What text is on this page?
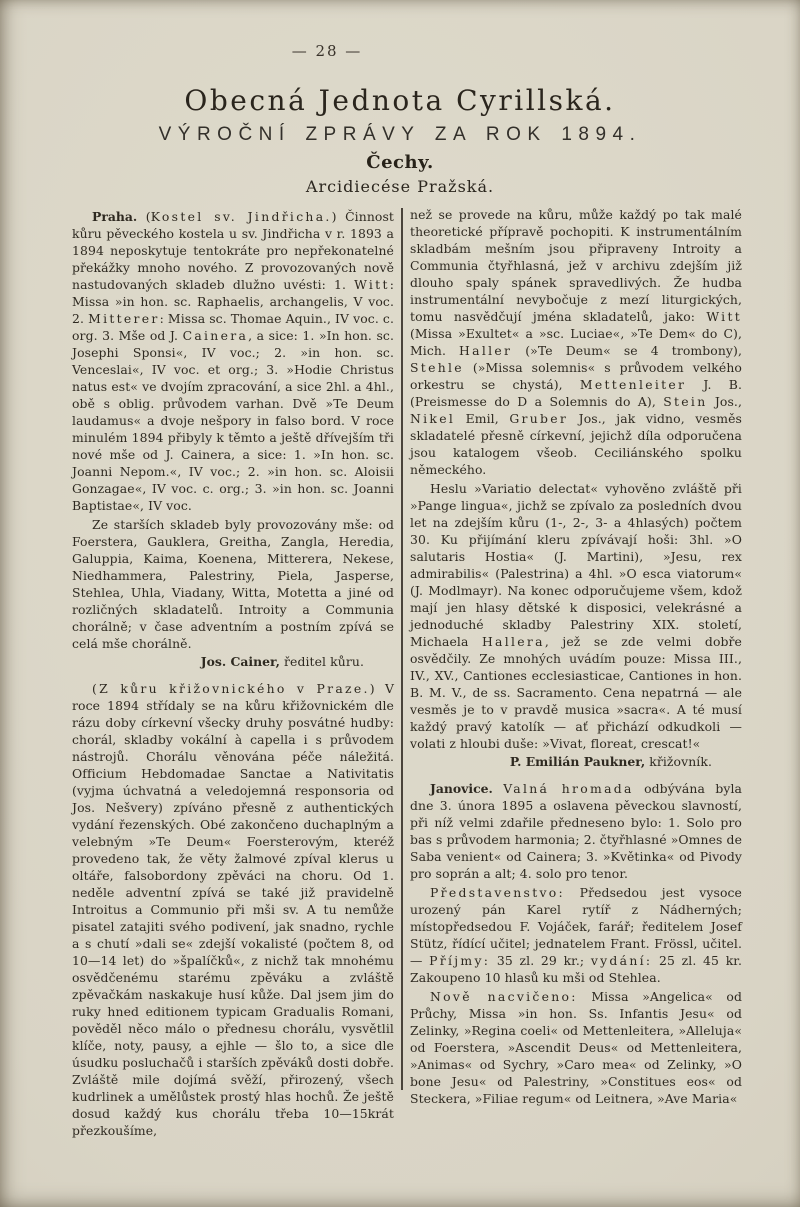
— 28 —
Obecná Jednota Cyrillská.
VÝROČNÍ ZPRÁVY ZA ROK 1894.
Čechy.
Arcidiecése Pražská.

Praha. (Kostel sv. Jindřicha.) Činnost kůru pěveckého kostela u sv. Jindřicha v r. 1893 a 1894 neposkytuje tentokráte pro nepřekonatelné překážky mnoho nového. Z provozovaných nově nastudovaných skladeb dlužno uvésti: 1. Witt: Missa »in hon. sc. Raphaelis, archangelis, V voc. 2. Mitterer: Missa sc. Thomae Aquin., IV voc. c. org. 3. Mše od J. Cainera, a sice: 1. »In hon. sc. Josephi Sponsi«, IV voc.; 2. »in hon. sc. Venceslai«, IV voc. et org.; 3. »Hodie Christus natus est« ve dvojím zpracování, a sice 2hl. a 4hl., obě s oblig. průvodem varhan. Dvě »Te Deum laudamus« a dvoje nešpory in falso bord. V roce minulém 1894 přibyly k těmto a ještě dřívejším tři nové mše od J. Cainera, a sice: 1. »In hon. sc. Joanni Nepom.«, IV voc.; 2. »in hon. sc. Aloisii Gonzagae«, IV voc. c. org.; 3. »in hon. sc. Joanni Baptistae«, IV voc.

Ze starších skladeb byly provozovány mše: od Foerstera, Gauklera, Greitha, Zangla, Heredia, Galuppia, Kaima, Koenena, Mitterera, Nekese, Niedhammera, Palestriny, Piela, Jasperse, Stehlea, Uhla, Viadany, Witta, Motetta a jiné od rozličných skladatelů. Introity a Communia chorálně; v čase adventním a postním zpívá se celá mše chorálně.

Jos. Cainer, ředitel kůru.

(Z kůru křižovnického v Praze.) V roce 1894 střídaly se na kůru křižovnickém dle rázu doby církevní všecky druhy posvátné hudby: chorál, skladby vokální à capella i s průvodem nástrojů. Chorálu věnována péče náležitá. Officium Hebdomadae Sanctae a Nativitatis (vyjma úchvatná a veledojemná responsoria od Jos. Nešvery) zpíváno přesně z authentických vydání řezenských. Obé zakončeno duchaplným a velebným »Te Deum« Foersterovým, kteréž provedeno tak, že věty žalmové zpíval klerus u oltáře, falsobordony zpěváci na choru. Od 1. neděle adventní zpívá se také již pravidelně Introitus a Communio při mši sv. A tu nemůže pisatel zatajiti svého podivení, jak snadno, rychle a s chutí »dali se« zdejší vokalisté (počtem 8, od 10—14 let) do »špalíčků«, z nichž tak mnohému osvědčenému starému zpěváku a zvláště zpěvačkám naskakuje husí kůže. Dal jsem jim do ruky hned editionem typicam Gradualis Romani, pověděl něco málo o přednesu chorálu, vysvětlil klíče, noty, pausy, a ejhle — šlo to, a sice dle úsudku posluchačů i starších zpěváků dosti dobře. Zvláště mile dojímá svěží, přirozený, všech kudrlinek a umělůstek prostý hlas hochů. Že ještě dosud každý kus chorálu třeba 10—15krát přezkoušíme,

než se provede na kůru, může každý po tak malé theoretické přípravě pochopiti. K instrumentálním skladbám mešním jsou připraveny Introity a Communia čtyřhlasná, jež v archivu zdejším již dlouho spaly spánek spravedlivých. Že hudba instrumentální nevybočuje z mezí liturgických, tomu nasvědčují jména skladatelů, jako: Witt (Missa »Exultet« a »sc. Luciae«, »Te Dem« do C), Mich. Haller (»Te Deum« se 4 trombony), Stehle (»Missa solemnis« s průvodem velkého orkestru se chystá), Mettenleiter J. B. (Preismesse do D a Solemnis do A), Stein Jos., Nikel Emil, Gruber Jos., jak vidno, vesměs skladatelé přesně církevní, jejichž díla odporučena jsou katalogem všeob. Ceciliánského spolku německého.

Heslu »Variatio delectat« vyhověno zvláště při »Pange lingua«, jichž se zpívalo za posledních dvou let na zdejším kůru (1-, 2-, 3- a 4hlasých) počtem 30. Ku přijímání kleru zpívávají hoši: 3hl. »O salutaris Hostia« (J. Martini), »Jesu, rex admirabilis« (Palestrina) a 4hl. »O esca viatorum« (J. Modlmayr). Na konec odporučujeme všem, kdož mají jen hlasy dětské k disposici, velekrásné a jednoduché skladby Palestriny XIX. století, Michaela Hallera, jež se zde velmi dobře osvědčily. Ze mnohých uvádím pouze: Missa III., IV., XV., Cantiones ecclesiasticae, Cantiones in hon. B. M. V., de ss. Sacramento. Cena nepatrná — ale vesměs je to v pravdě musica »sacra«. A té musí každý pravý katolík — ať přichází odkudkoli — volati z hloubi duše: »Vivat, floreat, crescat!«

P. Emilián Paukner, křižovník.

Janovice. Valná hromada odbývána byla dne 3. února 1895 a oslavena pěveckou slavností, při níž velmi zdařile předneseno bylo: 1. Solo pro bas s průvodem harmonia; 2. čtyřhlasné »Omnes de Saba venient« od Cainera; 3. »Květinka« od Pivody pro soprán a alt; 4. solo pro tenor.

Představenstvo: Předsedou jest vysoce urozený pán Karel rytíř z Nádherných; místopředsedou F. Vojáček, farář; ředitelem Josef Stütz, řídící učitel; jednatelem Frant. Frössl, učitel. — Příjmy: 35 zl. 29 kr.; vydání: 25 zl. 45 kr. Zakoupeno 10 hlasů ku mši od Stehlea.

Nově nacvičeno: Missa »Angelica« od Průchy, Missa »in hon. Ss. Infantis Jesu« od Zelinky, »Regina coeli« od Mettenleitera, »Alleluja« od Foerstera, »Ascendit Deus« od Mettenleitera, »Animas« od Sychry, »Caro mea« od Zelinky, »O bone Jesu« od Palestriny, »Constitues eos« od Steckera, »Filiae regum« od Leitnera, »Ave Maria«
